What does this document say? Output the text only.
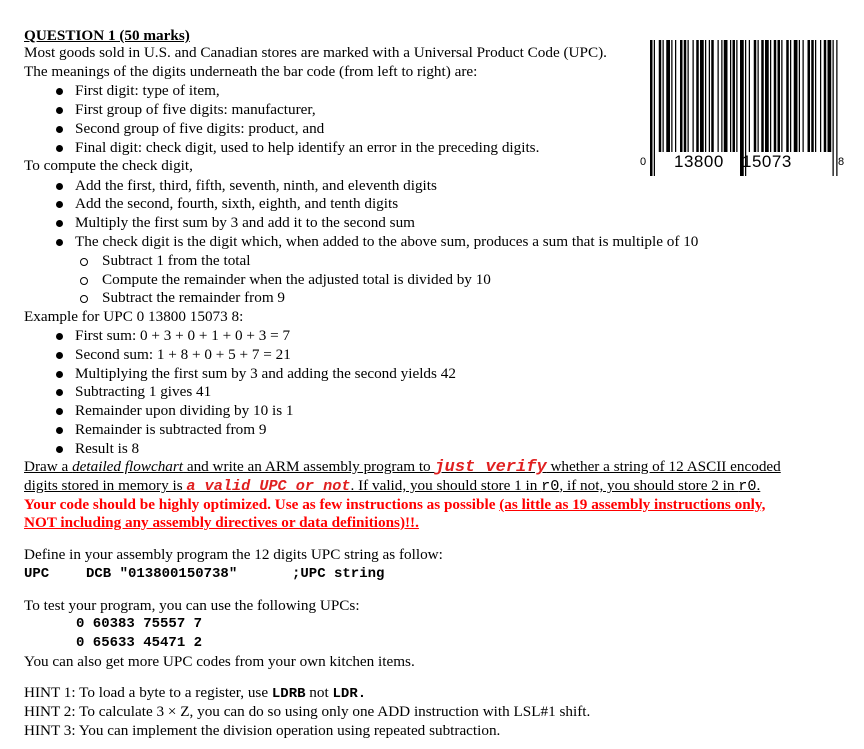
QUESTION 1 (50 marks)
Most goods sold in U.S. and Canadian stores are marked with a Universal Product Code (UPC).
The meanings of the digits underneath the bar code (from left to right) are:
First digit: type of item,
First group of five digits: manufacturer,
Second group of five digits: product, and
Final digit: check digit, used to help identify an error in the preceding digits.
To compute the check digit,
Add the first, third, fifth, seventh, ninth, and eleventh digits
Add the second, fourth, sixth, eighth, and tenth digits
Multiply the first sum by 3 and add it to the second sum
The check digit is the digit which, when added to the above sum, produces a sum that is multiple of 10
Subtract 1 from the total
Compute the remainder when the adjusted total is divided by 10
Subtract the remainder from 9
Example for UPC 0 13800 15073 8:
First sum: 0 + 3 + 0 + 1 + 0 + 3 = 7
Second sum: 1 + 8 + 0 + 5 + 7 = 21
Multiplying the first sum by 3 and adding the second yields 42
Subtracting 1 gives 41
Remainder upon dividing by 10 is 1
Remainder is subtracted from 9
Result is 8
Draw a detailed flowchart and write an ARM assembly program to just verify whether a string of 12 ASCII encoded
digits stored in memory is a valid UPC or not. If valid, you should store 1 in r0, if not, you should store 2 in r0.
Your code should be highly optimized. Use as few instructions as possible (as little as 19 assembly instructions only,
NOT including any assembly directives or data definitions)!!.
Define in your assembly program the 12 digits UPC string as follow:
UPC	DCB "013800150738"	;UPC string
To test your program, you can use the following UPCs:
0 60383 75557 7
0 65633 45471 2
You can also get more UPC codes from your own kitchen items.
HINT 1: To load a byte to a register, use LDRB not LDR.
HINT 2: To calculate 3 × Z, you can do so using only one ADD instruction with LSL#1 shift.
HINT 3: You can implement the division operation using repeated subtraction.
0 13800 15073	8
